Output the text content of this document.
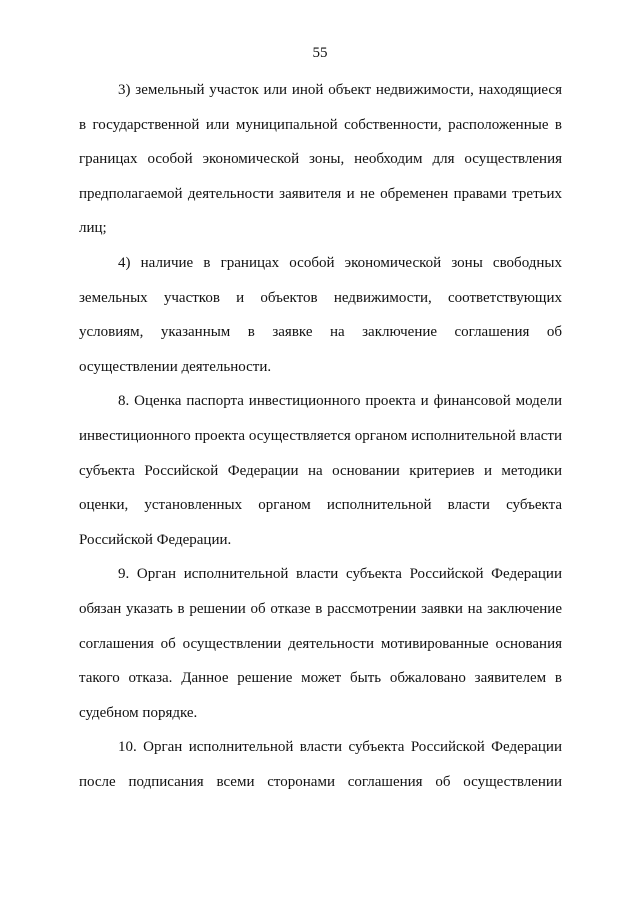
55
3) земельный участок или иной объект недвижимости, находящиеся
в государственной или муниципальной собственности, расположенные в
границах особой экономической зоны, необходим для осуществления
предполагаемой деятельности заявителя и не обременен правами третьих
лиц;
4) наличие в границах особой экономической зоны свободных
земельных участков и объектов недвижимости, соответствующих
условиям, указанным в заявке на заключение соглашения об
осуществлении деятельности.
8. Оценка паспорта инвестиционного проекта и финансовой модели
инвестиционного проекта осуществляется органом исполнительной власти
субъекта Российской Федерации на основании критериев и методики
оценки, установленных органом исполнительной власти субъекта
Российской Федерации.
9. Орган исполнительной власти субъекта Российской Федерации
обязан указать в решении об отказе в рассмотрении заявки на заключение
соглашения об осуществлении деятельности мотивированные основания
такого отказа. Данное решение может быть обжаловано заявителем в
судебном порядке.
10. Орган исполнительной власти субъекта Российской Федерации
после подписания всеми сторонами соглашения об осуществлении
